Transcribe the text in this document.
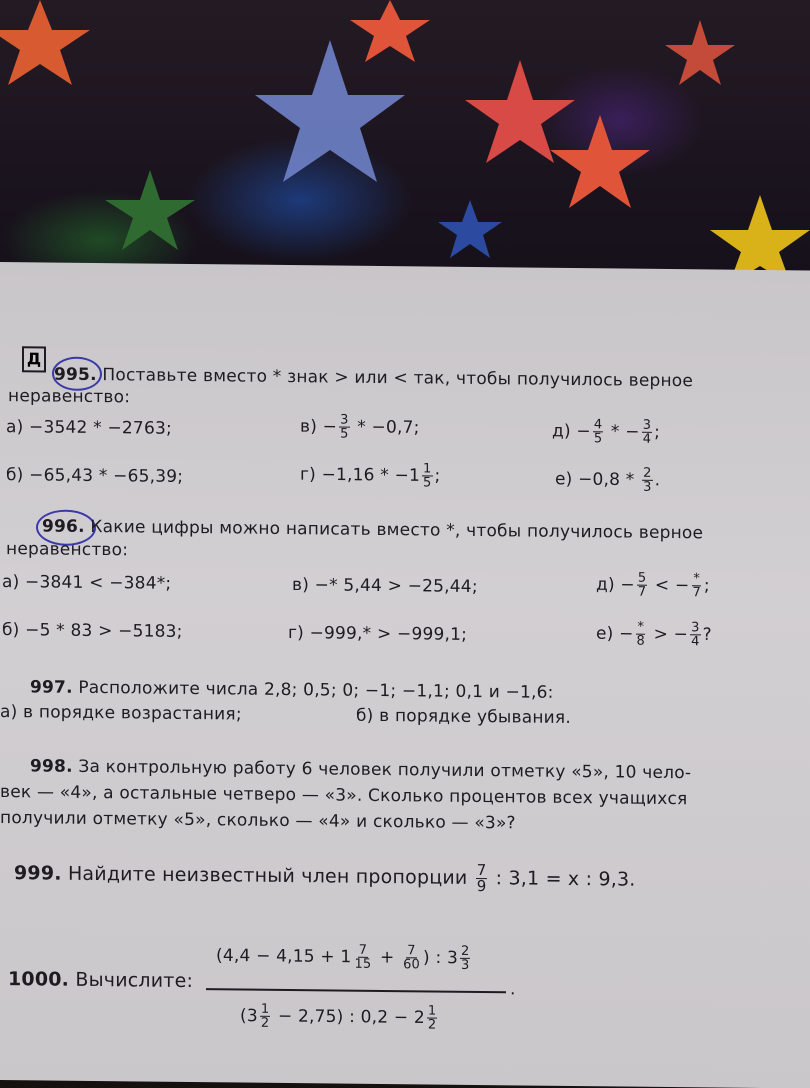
Д
995. Поставьте вместо * знак > или < так, чтобы получилось верное
неравенство:
а) −3542 * −2763;
б) −65,43 * −65,39;
$в) - \frac{3}{5} * -0,7$;
$г) -1,16 * -1 \frac{1}{5}$ ;
$д) - \frac{4}{5}$ * − $\frac{3}{4}$ ;
$е) -0,8 * \frac{2}{3}$ .
996. Какие цифры можно написать вместо *, чтобы получилось верное
неравенство:
а) −3841 < −384*;
б) −5 * 83 > −5183;
в) −* 5,44 > −25,44;
г) −999,* > −999,1;
$д) - \frac{5}{7}$ < − $\frac{*}{7}$ ;
$е) - \frac{*}{8}$ > − $\frac{3}{4}$ ?
997. Расположите числа 2,8; 0,5; 0; −1; −1,1; 0,1 и −1,6:
а) в порядке возрастания;	б) в порядке убывания.
998. За контрольную работу 6 человек получили отметку «5», 10 чело-
век — «4», а остальные четверо — «3». Сколько процентов всех учащихся
получили отметку «5», сколько — «4» и сколько — «3»?
999. Найдите неизвестный член пропорции $\frac{7}{9}$ : 3,1 = x : 9,3.
1000. Вычислите:
($4,4 - 4,15 + 1 \frac{7}{15} + \frac{7}{60}$ ) : $3 \frac{2}{3}$
.
$(3 \frac{1}{2} - 2,75)$ : $0,2 - 2 \frac{1}{2}$
